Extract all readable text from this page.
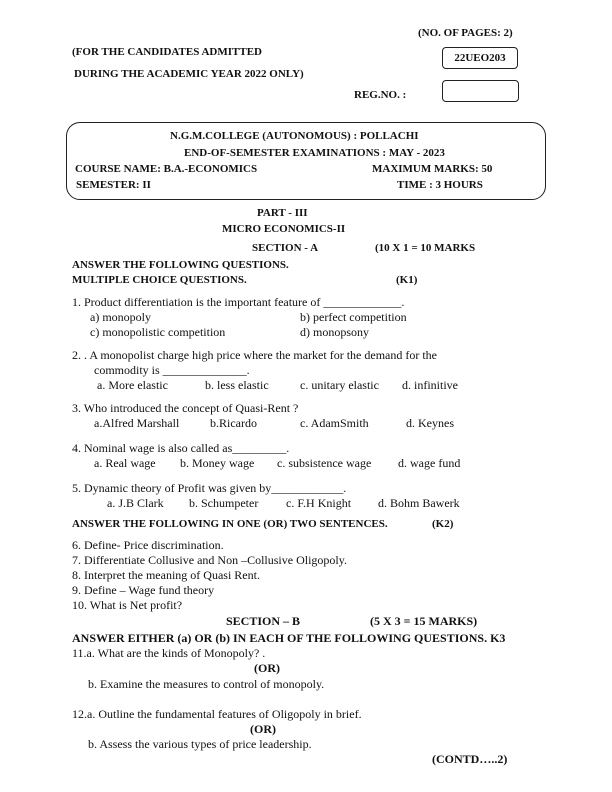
(NO. OF PAGES: 2)
(FOR THE CANDIDATES ADMITTED
DURING THE ACADEMIC YEAR 2022 ONLY)
22UEO203
REG.NO. :
N.G.M.COLLEGE (AUTONOMOUS) : POLLACHI
END-OF-SEMESTER EXAMINATIONS : MAY - 2023
COURSE NAME: B.A.-ECONOMICS	MAXIMUM MARKS: 50
SEMESTER: II	TIME : 3 HOURS
PART - III
MICRO ECONOMICS-II
SECTION - A	(10 X 1 = 10 MARKS
ANSWER THE FOLLOWING QUESTIONS.
MULTIPLE CHOICE QUESTIONS.	(K1)
1. Product differentiation is the important feature of _____________.
a) monopoly	b) perfect competition
c) monopolistic competition	d) monopsony
2. . A monopolist charge high price where the market for the demand for the
commodity is ______________.
a. More elastic	b. less elastic	c. unitary elastic d. infinitive
3. Who introduced the concept of Quasi-Rent ?
a.Alfred Marshall	b.Ricardo	c. AdamSmith	d. Keynes
4. Nominal wage is also called as_________.
a. Real wage b. Money wage c. subsistence wage d. wage fund
5. Dynamic theory of Profit was given by____________.
a. J.B Clark b. Schumpeter c. F.H Knight d. Bohm Bawerk
ANSWER THE FOLLOWING IN ONE (OR) TWO SENTENCES.	(K2)
6. Define- Price discrimination.
7. Differentiate Collusive and Non –Collusive Oligopoly.
8. Interpret the meaning of Quasi Rent.
9. Define – Wage fund theory
10. What is Net profit?
SECTION – B	(5 X 3 = 15 MARKS)
ANSWER EITHER (a) OR (b) IN EACH OF THE FOLLOWING QUESTIONS. K3
11.a. What are the kinds of Monopoly? .
(OR)
b. Examine the measures to control of monopoly.
12.a. Outline the fundamental features of Oligopoly in brief.
(OR)
b. Assess the various types of price leadership.
(CONTD…..2)
